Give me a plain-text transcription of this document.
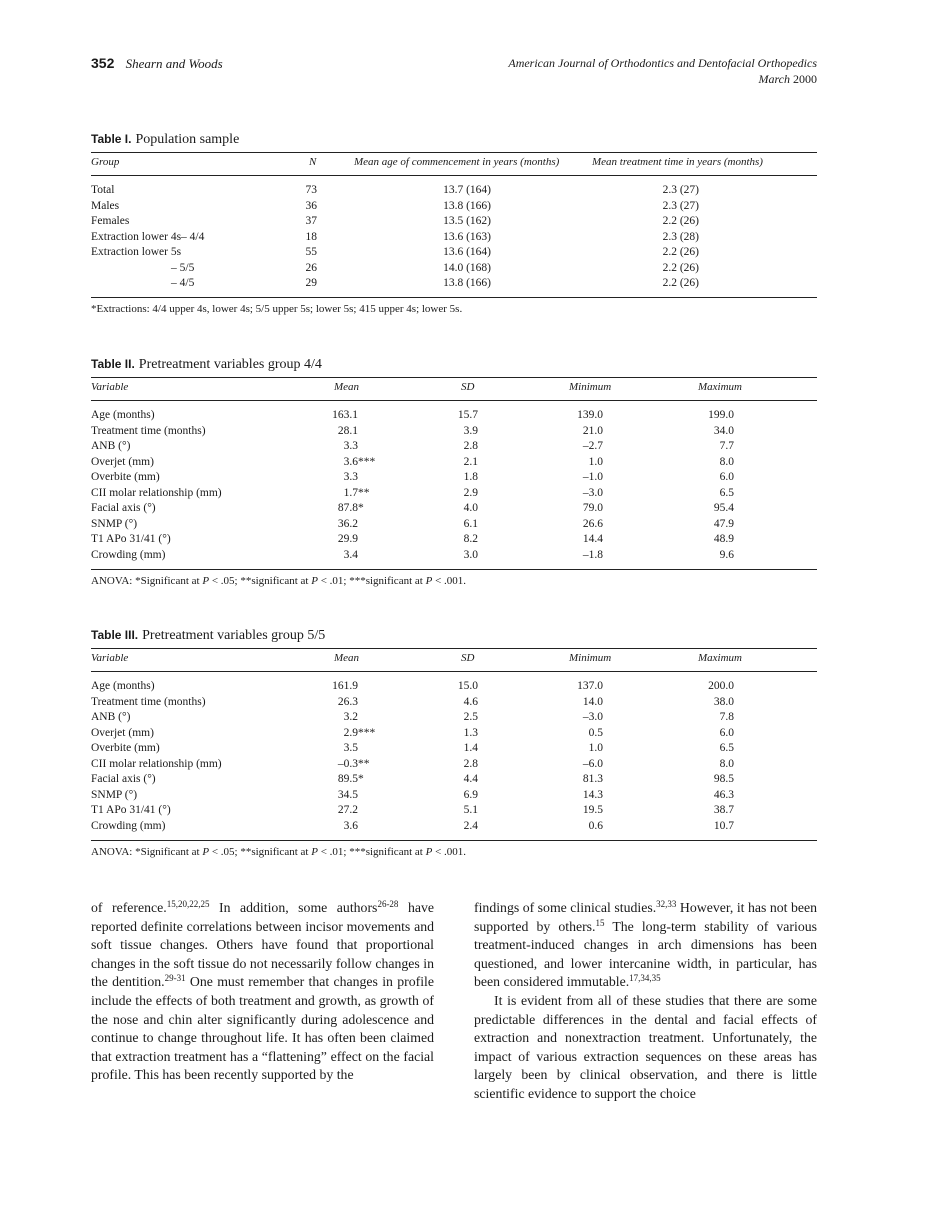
352 Shearn and Woods	American Journal of Orthodontics and Dentofacial Orthopedics
March 2000
Table I. Population sample
Group	N	Mean age of commencement in years (months)	Mean treatment time in years (months)
Total	73	13.7 (164)	2.3 (27)
Males	36	13.8 (166)	2.3 (27)
Females	37	13.5 (162)	2.2 (26)
Extraction lower 4s– 4/4	18	13.6 (163)	2.3 (28)
Extraction lower 5s	55	13.6 (164)	2.2 (26)
– 5/5	26	14.0 (168)	2.2 (26)
– 4/5	29	13.8 (166)	2.2 (26)
*Extractions: 4/4 upper 4s, lower 4s; 5/5 upper 5s; lower 5s; 415 upper 4s; lower 5s.
Table II. Pretreatment variables group 4/4
Variable	Mean	SD	Minimum	Maximum
Age (months)	163.1	15.7	139.0	199.0
Treatment time (months)	28.1	3.9	21.0	34.0
ANB (°)	3.3	2.8	–2.7	7.7
Overjet (mm)	3.6***	2.1	1.0	8.0
Overbite (mm)	3.3	1.8	–1.0	6.0
CII molar relationship (mm)	1.7**	2.9	–3.0	6.5
Facial axis (°)	87.8*	4.0	79.0	95.4
SNMP (°)	36.2	6.1	26.6	47.9
T1 APo 31/41 (°)	29.9	8.2	14.4	48.9
Crowding (mm)	3.4	3.0	–1.8	9.6
ANOVA: *Significant at P < .05; **significant at P < .01; ***significant at P < .001.
Table III. Pretreatment variables group 5/5
Variable	Mean	SD	Minimum	Maximum
Age (months)	161.9	15.0	137.0	200.0
Treatment time (months)	26.3	4.6	14.0	38.0
ANB (°)	3.2	2.5	–3.0	7.8
Overjet (mm)	2.9***	1.3	0.5	6.0
Overbite (mm)	3.5	1.4	1.0	6.5
CII molar relationship (mm)	–0.3**	2.8	–6.0	8.0
Facial axis (°)	89.5*	4.4	81.3	98.5
SNMP (°)	34.5	6.9	14.3	46.3
T1 APo 31/41 (°)	27.2	5.1	19.5	38.7
Crowding (mm)	3.6	2.4	0.6	10.7
ANOVA: *Significant at P < .05; **significant at P < .01; ***significant at P < .001.

of reference.$^{15,20,22,25}$ In addition, some authors$^{26-28}$ have reported definite correlations between incisor movements and soft tissue changes. Others have found that proportional changes in the soft tissue do not necessarily follow changes in the dentition.$^{29-31}$ One must remember that changes in profile include the effects of both treatment and growth, as growth of the nose and chin alter significantly during adolescence and continue to change throughout life. It has often been claimed that extraction treatment has a “flattening” effect on the facial profile. This has been recently supported by the

findings of some clinical studies.$^{32,33}$ However, it has not been supported by others.$^{15}$ The long-term stability of various treatment-induced changes in arch dimensions has been questioned, and lower intercanine width, in particular, has been considered immutable.$^{17,34,35}$

It is evident from all of these studies that there are some predictable differences in the dental and facial effects of extraction and nonextraction treatment. Unfortunately, the impact of various extraction sequences on these areas has largely been by clinical observation, and there is little scientific evidence to support the choice
